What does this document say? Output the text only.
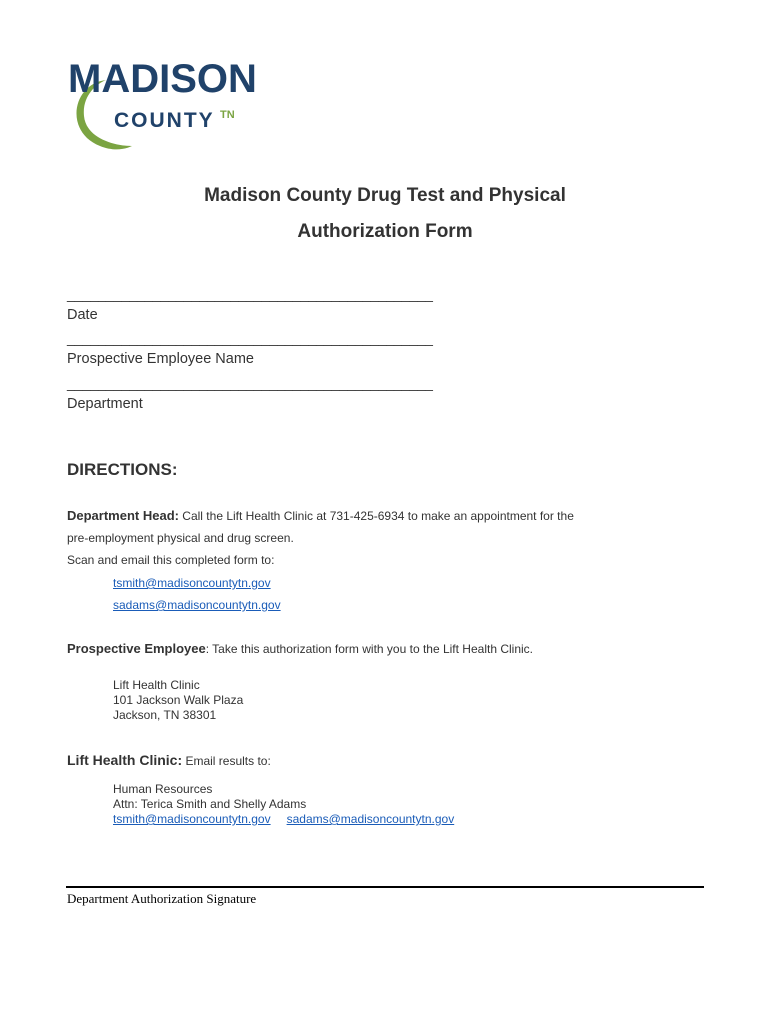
MADISON
COUNTY TN
Madison County Drug Test and Physical
Authorization Form
_______________________________________________
Date
_______________________________________________
Prospective Employee Name
_______________________________________________
Department
DIRECTIONS:
Department Head: Call the Lift Health Clinic at 731-425-6934 to make an appointment for the
pre-employment physical and drug screen.
Scan and email this completed form to:
tsmith@madisoncountytn.gov
sadams@madisoncountytn.gov
Prospective Employee: Take this authorization form with you to the Lift Health Clinic.
Lift Health Clinic
101 Jackson Walk Plaza
Jackson, TN 38301
Lift Health Clinic: Email results to:
Human Resources
Attn: Terica Smith and Shelly Adams
tsmith@madisoncountytn.gov sadams@madisoncountytn.gov
Department Authorization Signature
